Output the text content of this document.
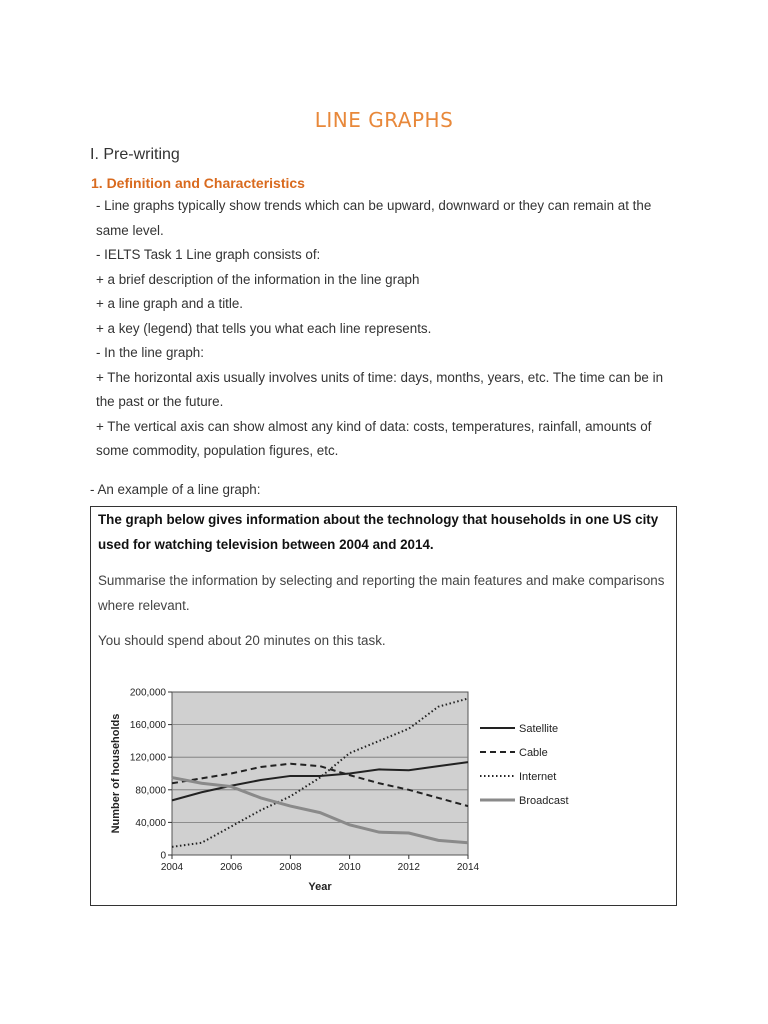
LINE GRAPHS
I. Pre-writing
1. Definition and Characteristics

- Line graphs typically show trends which can be upward, downward or they can remain at the same level.

- IELTS Task 1 Line graph consists of:

+ a brief description of the information in the line graph

+ a line graph and a title.

+ a key (legend) that tells you what each line represents.

- In the line graph:

+ The horizontal axis usually involves units of time: days, months, years, etc. The time can be in the past or the future.

+ The vertical axis can show almost any kind of data: costs, temperatures, rainfall, amounts of some commodity, population figures, etc.

- An example of a line graph:
The graph below gives information about the technology that households in one US city used for watching television between 2004 and 2014.
Summarise the information by selecting and reporting the main features and make comparisons where relevant.
You should spend about 20 minutes on this task.
0
40,000
80,000
120,000
160,000
200,000
2004	2006	2008	2010	2012	2014
Year
Number of households	Satellite
Cable
Internet
Broadcast
